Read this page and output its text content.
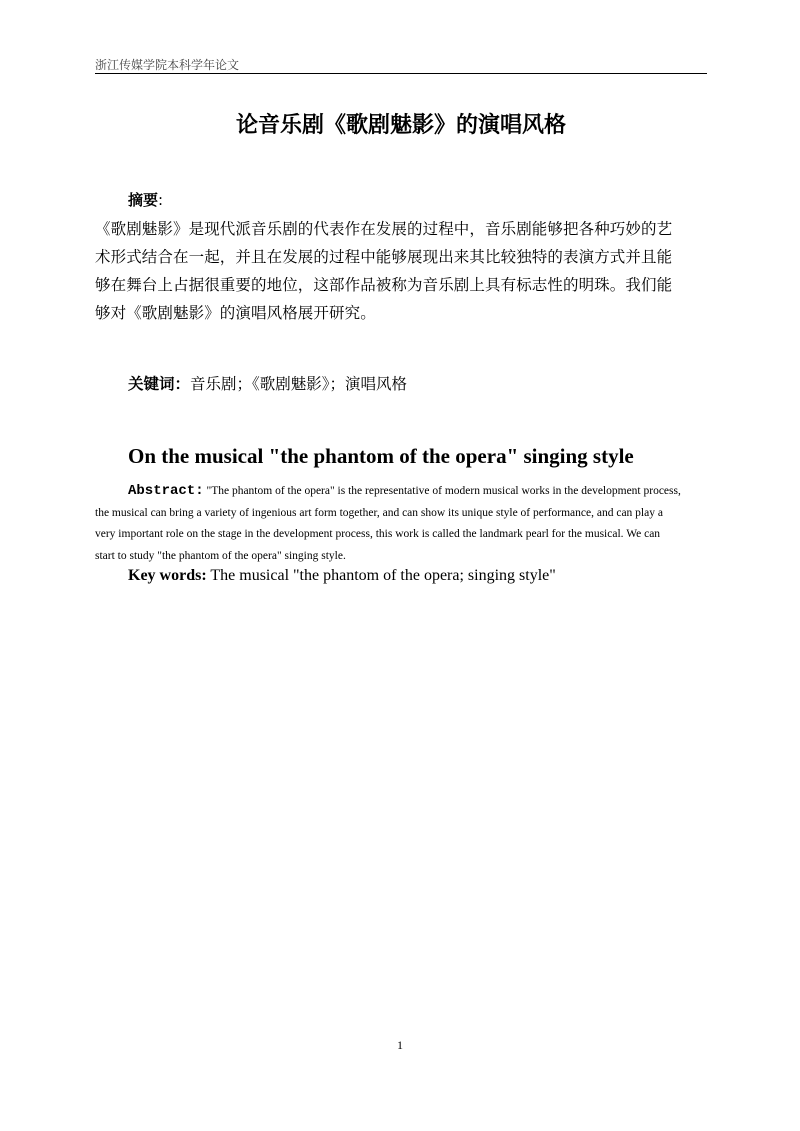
浙江传媒学院本科学年论文
论音乐剧《歌剧魅影》的演唱风格
摘要:
《歌剧魅影》是现代派音乐剧的代表作在发展的过程中，音乐剧能够把各种巧妙的艺
术形式结合在一起，并且在发展的过程中能够展现出来其比较独特的表演方式并且能
够在舞台上占据很重要的地位，这部作品被称为音乐剧上具有标志性的明珠。我们能
够对《歌剧魅影》的演唱风格展开研究。
关键词：音乐剧；《歌剧魅影》；演唱风格
On the musical "the phantom of the opera" singing style
Abstract: "The phantom of the opera" is the representative of modern musical works in the development process,
the musical can bring a variety of ingenious art form together, and can show its unique style of performance, and can play a
very important role on the stage in the development process, this work is called the landmark pearl for the musical. We can
start to study "the phantom of the opera" singing style.
Key words: The musical "the phantom of the opera; singing style"
1
